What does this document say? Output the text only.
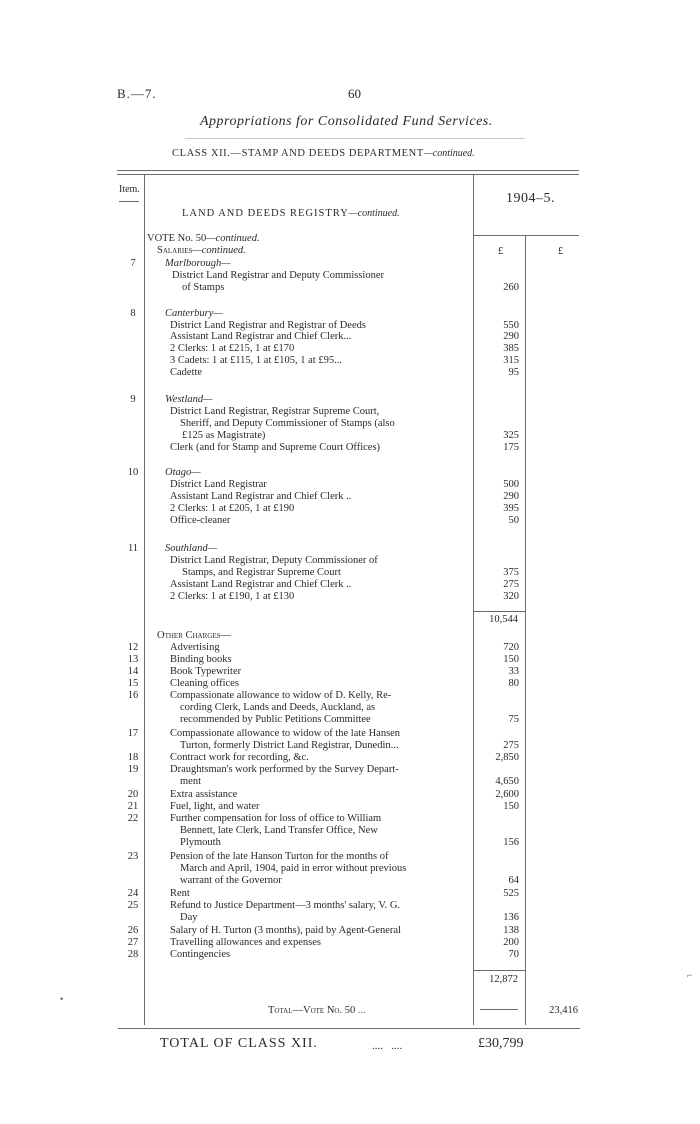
B.—7.	60
Appropriations for Consolidated Fund Services.
CLASS XII.—STAMP AND DEEDS DEPARTMENT—continued.
Item.
1904–5.
LAND AND DEEDS REGISTRY—continued.
VOTE No. 50—continued.
Salaries—continued.	£	£
7	Marlborough—
District Land Registrar and Deputy Commissioner
of Stamps	260
8	Canterbury—
District Land Registrar and Registrar of Deeds	550
Assistant Land Registrar and Chief Clerk...	290
2 Clerks: 1 at £215, 1 at £170	385
3 Cadets: 1 at £115, 1 at £105, 1 at £95...	315
Cadette	95
9	Westland—
District Land Registrar, Registrar Supreme Court,
Sheriff, and Deputy Commissioner of Stamps (also
£125 as Magistrate)	325
Clerk (and for Stamp and Supreme Court Offices)	175
10	Otago—
District Land Registrar	500
Assistant Land Registrar and Chief Clerk ..	290
2 Clerks: 1 at £205, 1 at £190	395
Office-cleaner	50
11	Southland—
District Land Registrar, Deputy Commissioner of
Stamps, and Registrar Supreme Court	375
Assistant Land Registrar and Chief Clerk ..	275
2 Clerks: 1 at £190, 1 at £130	320
10,544
Other Charges—
12	Advertising	720
13	Binding books	150
14	Book Typewriter	33
15	Cleaning offices	80
16	Compassionate allowance to widow of D. Kelly, Re-
cording Clerk, Lands and Deeds, Auckland, as
recommended by Public Petitions Committee	75
17	Compassionate allowance to widow of the late Hansen
Turton, formerly District Land Registrar, Dunedin...	275
18	Contract work for recording, &c.	2,850
19	Draughtsman's work performed by the Survey Depart-
ment	4,650
20	Extra assistance	2,600
21	Fuel, light, and water	150
22	Further compensation for loss of office to William
Bennett, late Clerk, Land Transfer Office, New
Plymouth	156
23	Pension of the late Hanson Turton for the months of
March and April, 1904, paid in error without previous
warrant of the Governor	64
24	Rent	525
25	Refund to Justice Department—3 months' salary, V. G.
Day	136
26	Salary of H. Turton (3 months), paid by Agent-General	138
27	Travelling allowances and expenses	200
28	Contingencies	70
12,872
Total—Vote No. 50 ...	23,416
TOTAL OF CLASS XII.	....   ....	£30,799
•
⌐
